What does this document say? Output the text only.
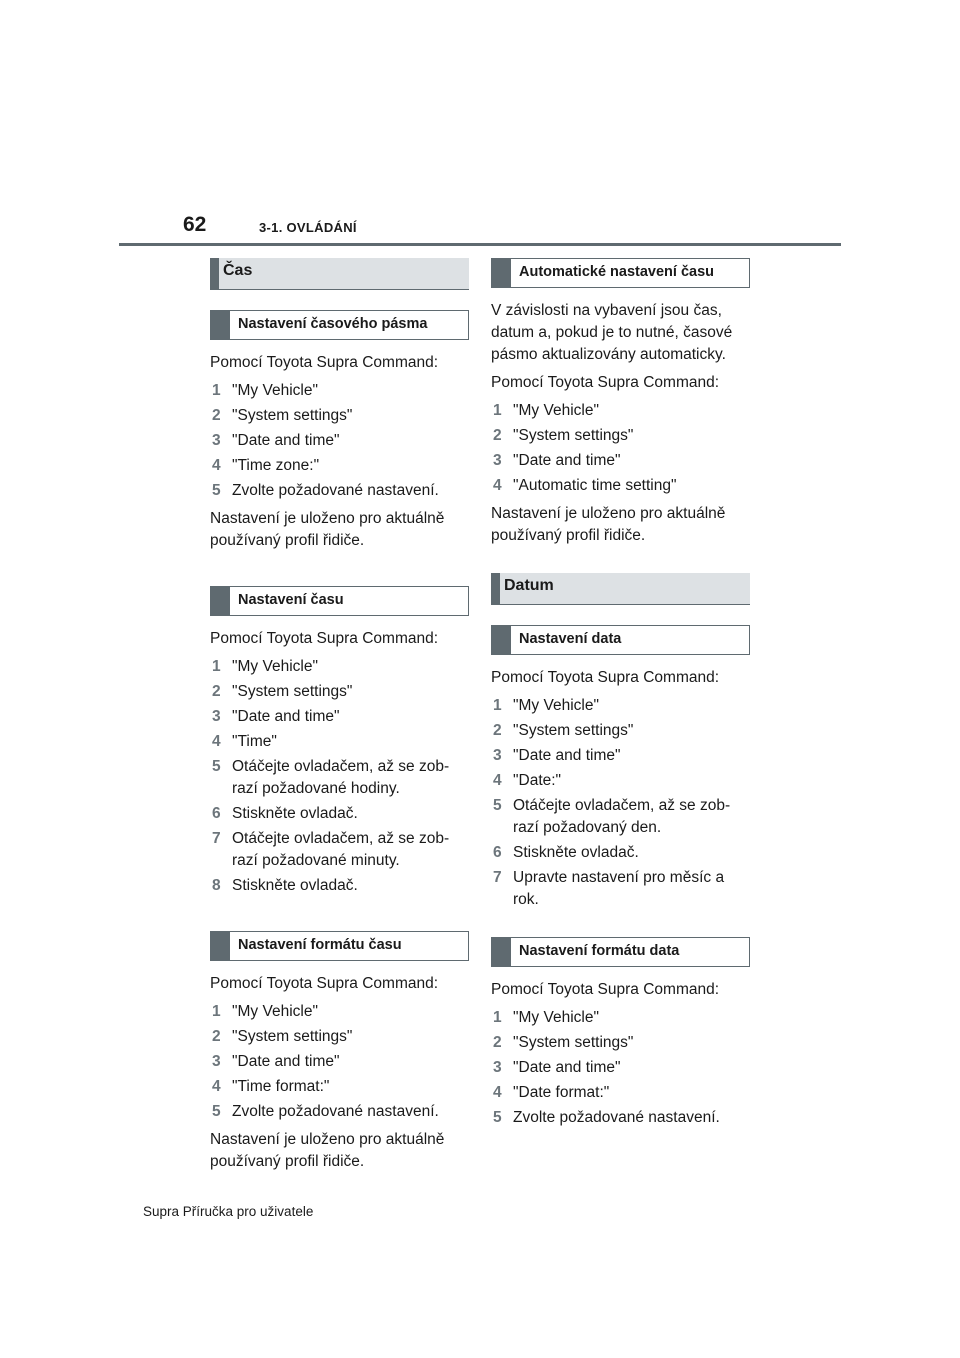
62	3-1. OVLÁDÁNÍ
Čas
Nastavení časového pásma

Pomocí Toyota Supra Command:

1 "My Vehicle"
2 "System settings"
3 "Date and time"
4 "Time zone:"
5 Zvolte požadované nastavení.

Nastavení je uloženo pro aktuálně používaný profil řidiče.

Nastavení času

Pomocí Toyota Supra Command:

1 "My Vehicle"
2 "System settings"
3 "Date and time"
4 "Time"
5 Otáčejte ovladačem, až se zob-razí požadované hodiny.
6 Stiskněte ovladač.
7 Otáčejte ovladačem, až se zob-razí požadované minuty.
8 Stiskněte ovladač.
Nastavení formátu času

Pomocí Toyota Supra Command:

1 "My Vehicle"
2 "System settings"
3 "Date and time"
4 "Time format:"
5 Zvolte požadované nastavení.

Nastavení je uloženo pro aktuálně používaný profil řidiče.

Automatické nastavení času

V závislosti na vybavení jsou čas, datum a, pokud je to nutné, časové pásmo aktualizovány automaticky.

Pomocí Toyota Supra Command:

1 "My Vehicle"
2 "System settings"
3 "Date and time"
4 "Automatic time setting"

Nastavení je uloženo pro aktuálně používaný profil řidiče.

Datum
Nastavení data

Pomocí Toyota Supra Command:

1 "My Vehicle"
2 "System settings"
3 "Date and time"
4 "Date:"
5 Otáčejte ovladačem, až se zob-razí požadovaný den.
6 Stiskněte ovladač.
7 Upravte nastavení pro měsíc a rok.
Nastavení formátu data

Pomocí Toyota Supra Command:

1 "My Vehicle"
2 "System settings"
3 "Date and time"
4 "Date format:"
5 Zvolte požadované nastavení.
Supra Příručka pro uživatele
